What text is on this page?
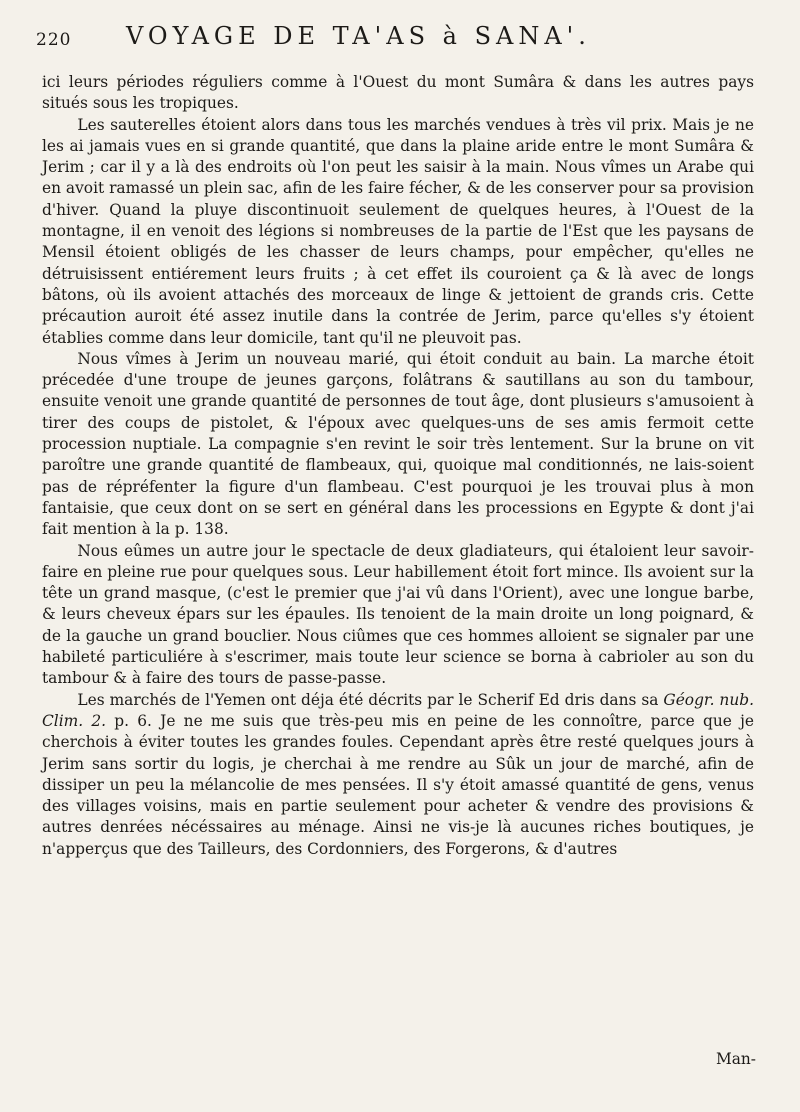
220 VOYAGE DE TA'AS à SANA'.

ici leurs périodes réguliers comme à l'Ouest du mont Sumâra & dans les autres pays situés sous les tropiques.

Les sauterelles étoient alors dans tous les marchés vendues à très vil prix. Mais je ne les ai jamais vues en si grande quantité, que dans la plaine aride entre le mont Sumâra & Jerim ; car il y a là des endroits où l'on peut les saisir à la main. Nous vîmes un Arabe qui en avoit ramassé un plein sac, afin de les faire fécher, & de les conserver pour sa provision d'hiver. Quand la pluye discontinuoit seulement de quelques heures, à l'Ouest de la montagne, il en venoit des légions si nombreuses de la partie de l'Est que les paysans de Mensil étoient obligés de les chasser de leurs champs, pour empêcher, qu'elles ne détruisissent entiérement leurs fruits ; à cet effet ils couroient ça & là avec de longs bâtons, où ils avoient attachés des morceaux de linge & jettoient de grands cris. Cette précaution auroit été assez inutile dans la contrée de Jerim, parce qu'elles s'y étoient établies comme dans leur domicile, tant qu'il ne pleuvoit pas.

Nous vîmes à Jerim un nouveau marié, qui étoit conduit au bain. La marche étoit précedée d'une troupe de jeunes garçons, folâtrans & sautillans au son du tambour, ensuite venoit une grande quantité de personnes de tout âge, dont plusieurs s'amusoient à tirer des coups de pistolet, & l'époux avec quelques-uns de ses amis fermoit cette procession nuptiale. La compagnie s'en revint le soir très lentement. Sur la brune on vit paroître une grande quantité de flambeaux, qui, quoique mal conditionnés, ne lais-soient pas de répréfenter la figure d'un flambeau. C'est pourquoi je les trouvai plus à mon fantaisie, que ceux dont on se sert en général dans les processions en Egypte & dont j'ai fait mention à la p. 138.

Nous eûmes un autre jour le spectacle de deux gladiateurs, qui étaloient leur savoir-faire en pleine rue pour quelques sous. Leur habillement étoit fort mince. Ils avoient sur la tête un grand masque, (c'est le premier que j'ai vû dans l'Orient), avec une longue barbe, & leurs cheveux épars sur les épaules. Ils tenoient de la main droite un long poignard, & de la gauche un grand bouclier. Nous ciûmes que ces hommes alloient se signaler par une habileté particuliére à s'escrimer, mais toute leur science se borna à cabrioler au son du tambour & à faire des tours de passe-passe.

Les marchés de l'Yemen ont déja été décrits par le Scherif Ed dris dans sa Géogr. nub. Clim. 2. p. 6. Je ne me suis que très-peu mis en peine de les connoître, parce que je cherchois à éviter toutes les grandes foules. Cependant après être resté quelques jours à Jerim sans sortir du logis, je cherchai à me rendre au Sûk un jour de marché, afin de dissiper un peu la mélancolie de mes pensées. Il s'y étoit amassé quantité de gens, venus des villages voisins, mais en partie seulement pour acheter & vendre des provisions & autres denrées nécéssaires au ménage. Ainsi ne vis-je là aucunes riches boutiques, je n'apperçus que des Tailleurs, des Cordonniers, des Forgerons, & d'autres

Man-
